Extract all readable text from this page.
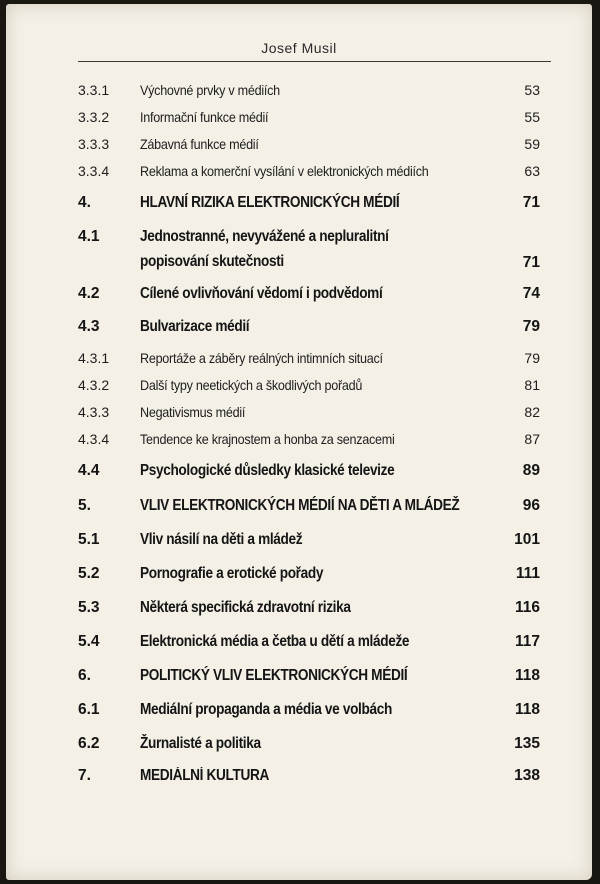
Josef Musil
3.3.1 Výchovné prvky v médiích	53
3.3.2 Informační funkce médií	55
3.3.3 Zábavná funkce médií	59
3.3.4 Reklama a komerční vysílání v elektronických médiích	63
4.	HLAVNÍ RIZIKA ELEKTRONICKÝCH MÉDIÍ	71
4.1	Jednostranné, nevyvážené a nepluralitní
popisování skutečnosti	71
4.2	Cílené ovlivňování vědomí i podvědomí	74
4.3	Bulvarizace médií	79
4.3.1 Reportáže a záběry reálných intimních situací	79
4.3.2 Další typy neetických a škodlivých pořadů	81
4.3.3 Negativismus médií	82
4.3.4 Tendence ke krajnostem a honba za senzacemi	87
4.4	Psychologické důsledky klasické televize	89
5.	VLIV ELEKTRONICKÝCH MÉDIÍ NA DĚTI A MLÁDEŽ	96
5.1	Vliv násilí na děti a mládež	101
5.2	Pornografie a erotické pořady	111
5.3	Některá specifická zdravotní rizika	116
5.4	Elektronická média a četba u dětí a mládeže	117
6.	POLITICKÝ VLIV ELEKTRONICKÝCH MÉDIÍ	118
6.1	Mediální propaganda a média ve volbách	118
6.2	Žurnalisté a politika	135
7.	MEDIÁLNÍ KULTURA	138
